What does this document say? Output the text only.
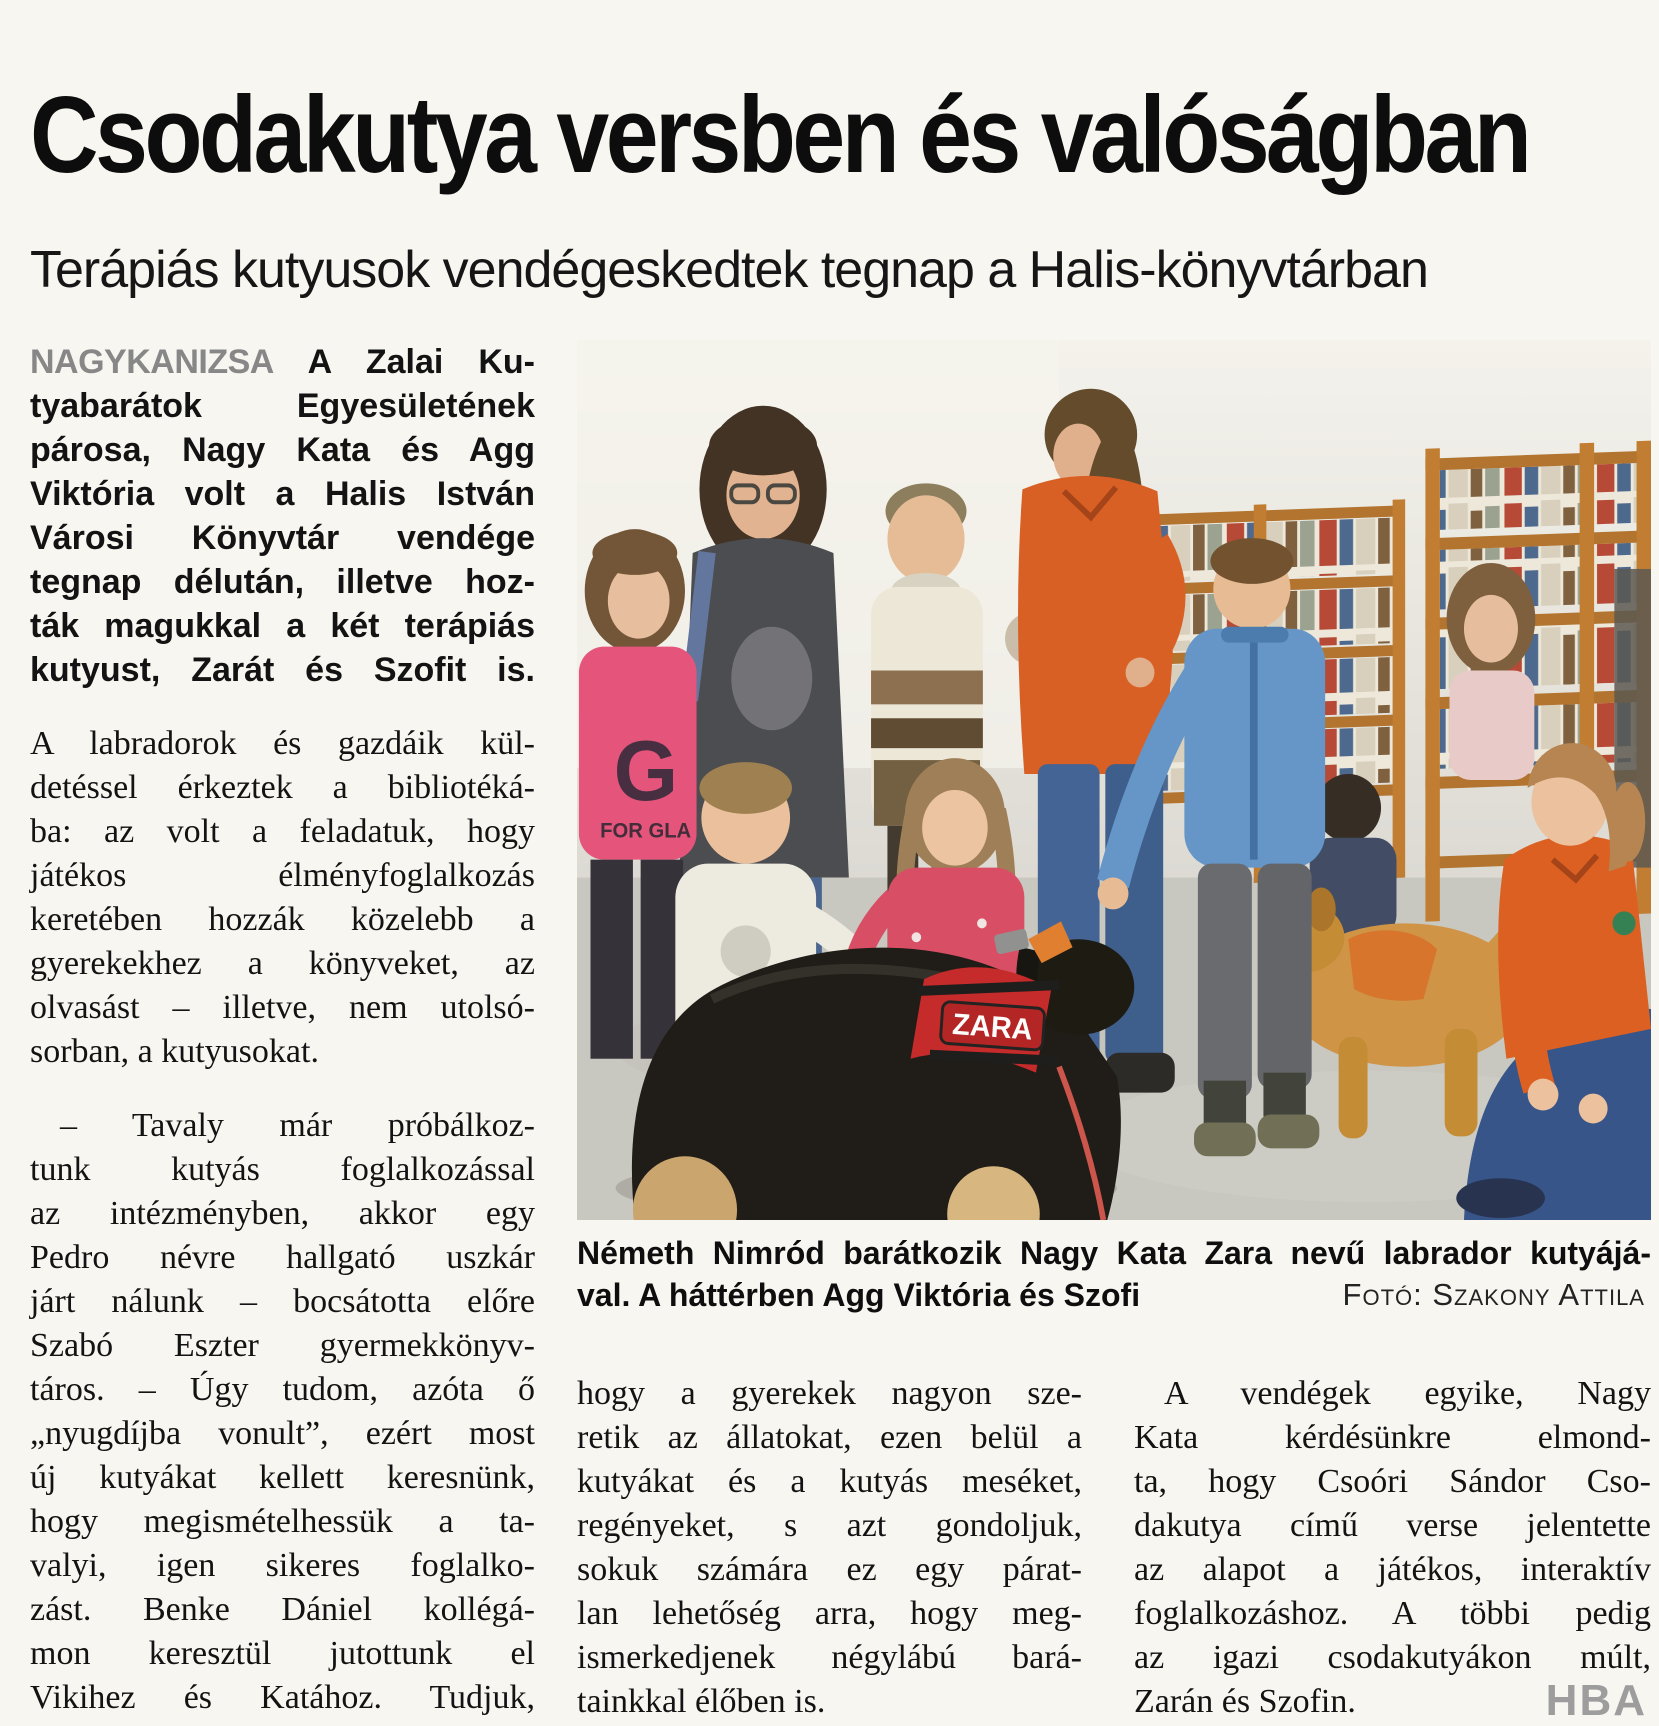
Csodakutya versben és valóságban
Terápiás kutyusok vendégeskedtek tegnap a Halis-könyvtárban
NAGYKANIZSA A Zalai Ku-
tyabarátok Egyesületének
párosa, Nagy Kata és Agg
Viktória volt a Halis István
Városi Könyvtár vendége
tegnap délután, illetve hoz-
ták magukkal a két terápiás
kutyust, Zarát és Szofit is.
A labradorok és gazdáik kül-
detéssel érkeztek a bibliotéká-
ba: az volt a feladatuk, hogy
játékos élményfoglalkozás
keretében hozzák közelebb a
gyerekekhez a könyveket, az
olvasást – illetve, nem utolsó-
sorban, a kutyusokat.
– Tavaly már próbálkoz-
tunk kutyás foglalkozással
az intézményben, akkor egy
Pedro névre hallgató uszkár
járt nálunk – bocsátotta előre
Szabó Eszter gyermekkönyv-
táros. – Úgy tudom, azóta ő
„nyugdíjba vonult”, ezért most
új kutyákat kellett keresnünk,
hogy megismételhessük a ta-
valyi, igen sikeres foglalko-
zást. Benke Dániel kollégá-
mon keresztül jutottunk el
Vikihez és Katához. Tudjuk,
G
FOR GLA
ZARA
Németh Nimród barátkozik Nagy Kata Zara nevű labrador kutyájá-
val. A háttérben Agg Viktória és Szofi	Fotó: Szakony Attila
hogy a gyerekek nagyon sze-
retik az állatokat, ezen belül a
kutyákat és a kutyás meséket,
regényeket, s azt gondoljuk,
sokuk számára ez egy párat-
lan lehetőség arra, hogy meg-
ismerkedjenek négylábú bará-
tainkkal élőben is.
A vendégek egyike, Nagy
Kata kérdésünkre elmond-
ta, hogy Csoóri Sándor Cso-
dakutya című verse jelentette
az alapot a játékos, interaktív
foglalkozáshoz. A többi pedig
az igazi csodakutyákon múlt,
Zarán és Szofin.	HBA
